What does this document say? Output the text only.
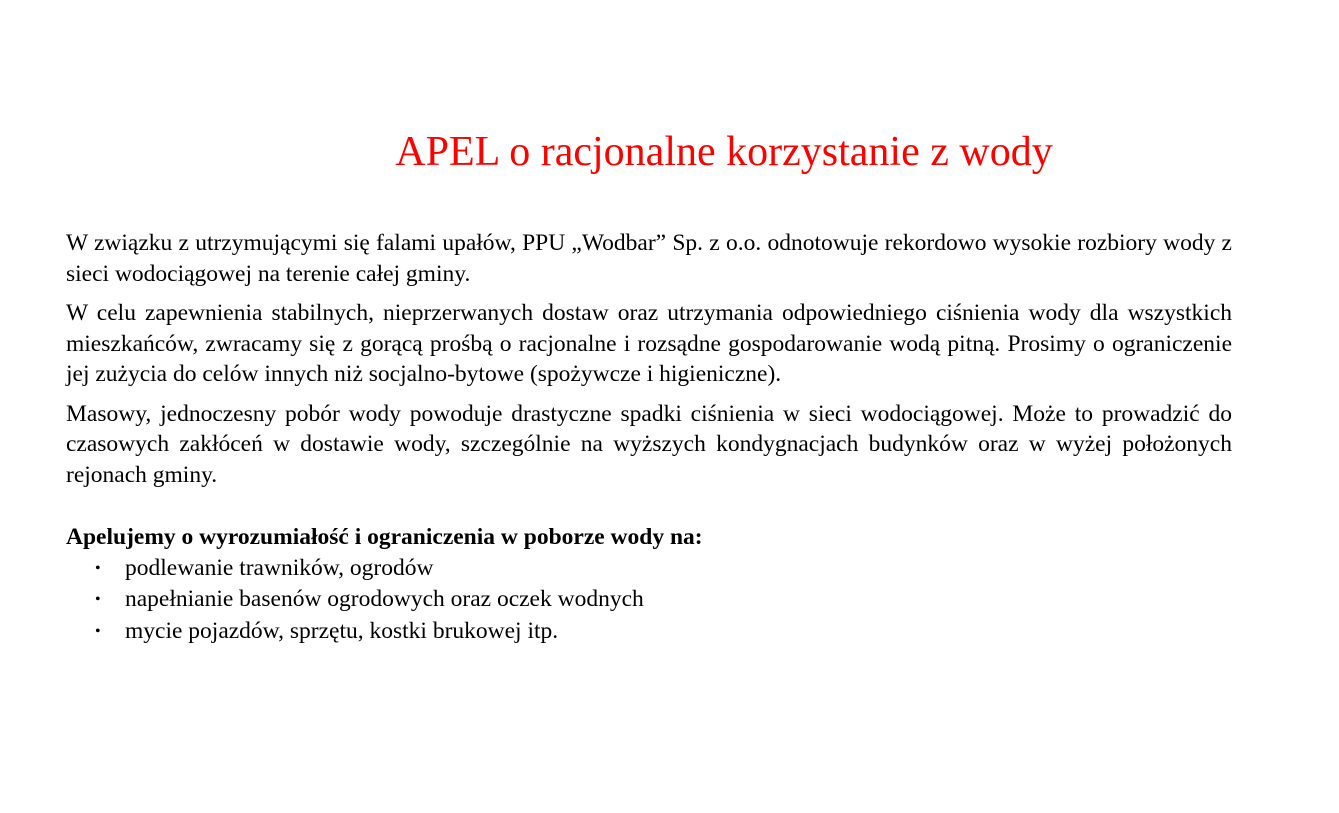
APEL o racjonalne korzystanie z wody

W związku z utrzymującymi się falami upałów, PPU „Wodbar” Sp. z o.o. odnotowuje rekordowo wysokie rozbiory wody z sieci wodociągowej na terenie całej gminy.

W celu zapewnienia stabilnych, nieprzerwanych dostaw oraz utrzymania odpowiedniego ciśnienia wody dla wszystkich mieszkańców, zwracamy się z gorącą prośbą o racjonalne i rozsądne gospodarowanie wodą pitną. Prosimy o ograniczenie jej zużycia do celów innych niż socjalno-bytowe (spożywcze i higieniczne).

Masowy, jednoczesny pobór wody powoduje drastyczne spadki ciśnienia w sieci wodociągowej. Może to prowadzić do czasowych zakłóceń w dostawie wody, szczególnie na wyższych kondygnacjach budynków oraz w wyżej położonych rejonach gminy.

Apelujemy o wyrozumiałość i ograniczenia w poborze wody na:

• podlewanie trawników, ogrodów
• napełnianie basenów ogrodowych oraz oczek wodnych
• mycie pojazdów, sprzętu, kostki brukowej itp.
